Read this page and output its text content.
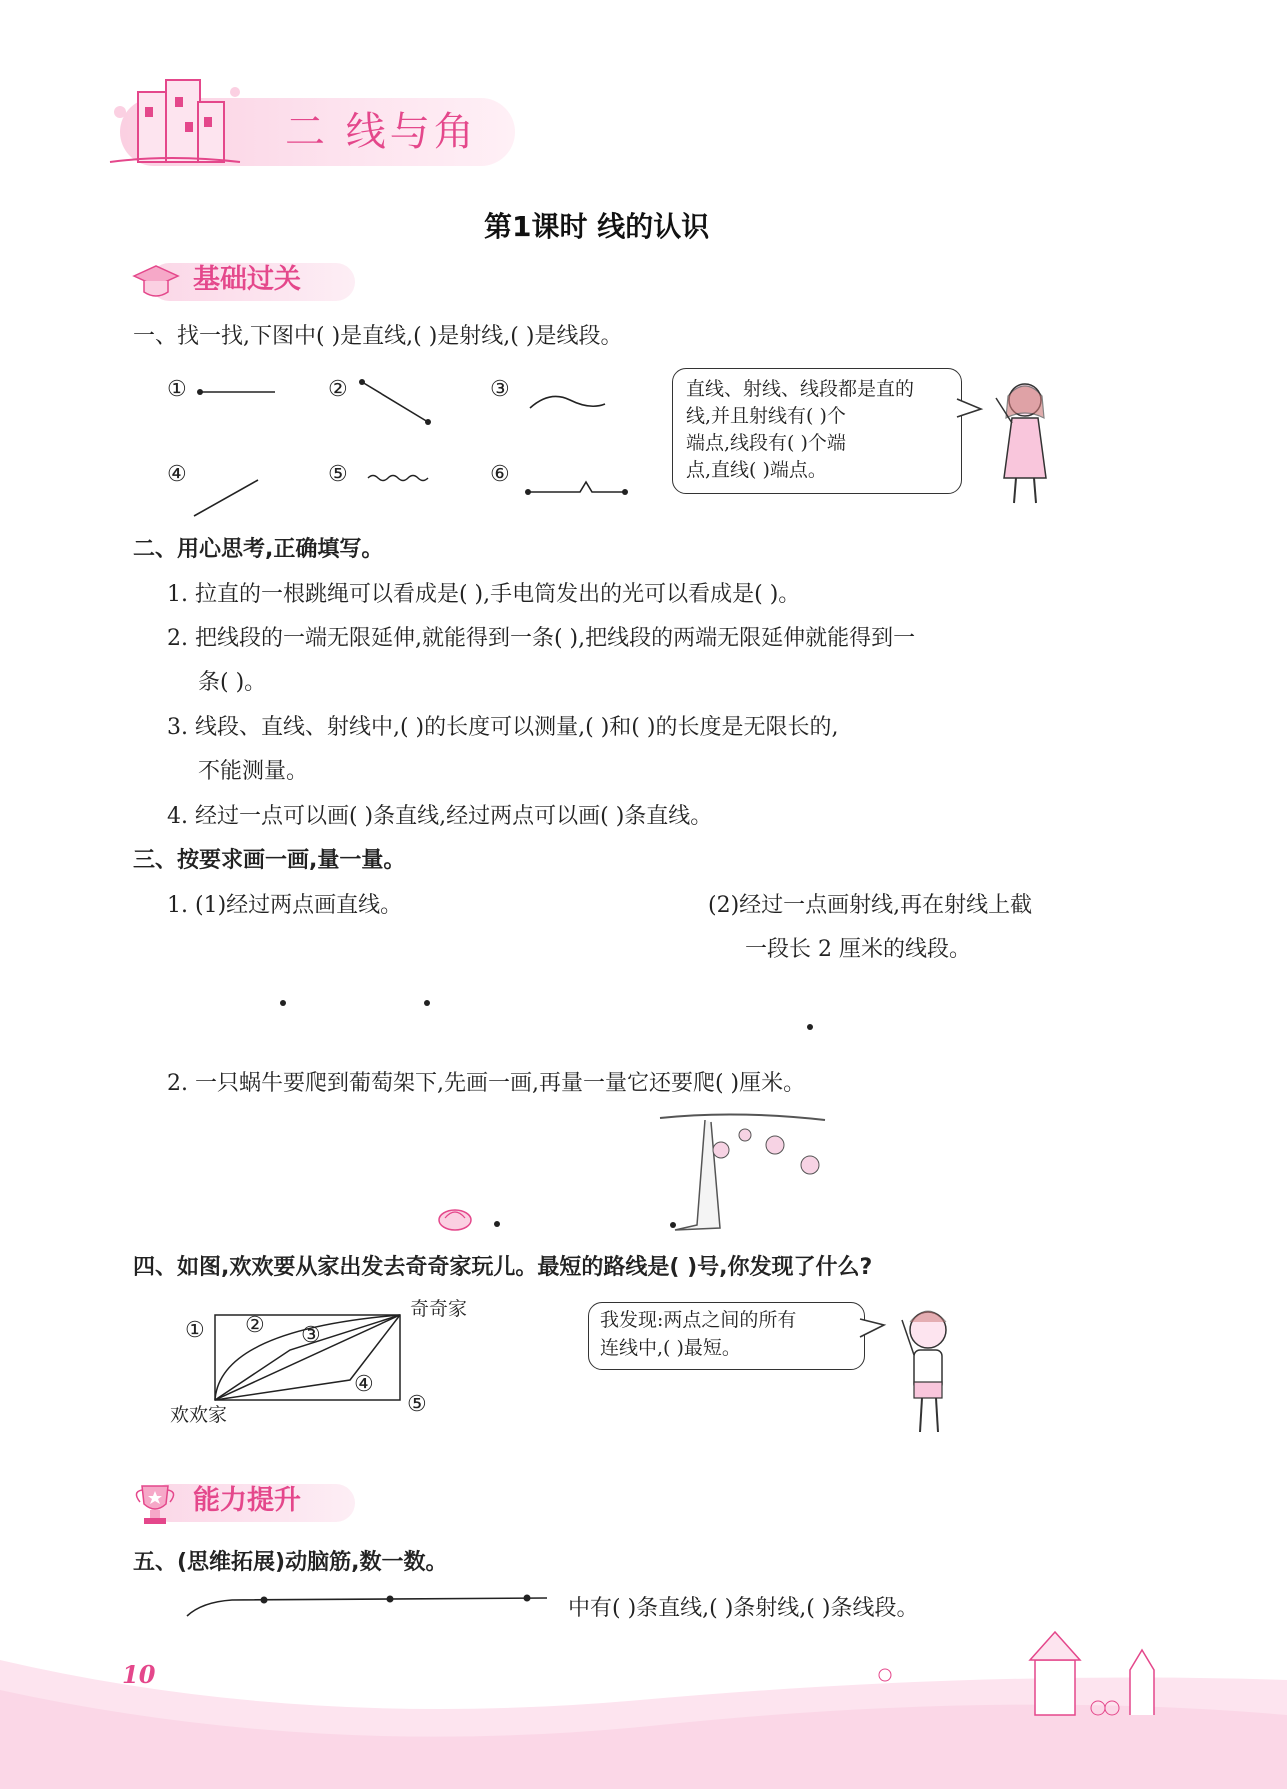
二 线与角
第1课时 线的认识
基础过关
一、找一找,下图中( )是直线,( )是射线,( )是线段。
①	②	③
④	⑤	⑥
直线、射线、线段都是直的
线,并且射线有( )个
端点,线段有( )个端
点,直线( )端点。
二、用心思考,正确填写。
1. 拉直的一根跳绳可以看成是( ),手电筒发出的光可以看成是( )。
2. 把线段的一端无限延伸,就能得到一条( ),把线段的两端无限延伸就能得到一
条( )。
3. 线段、直线、射线中,( )的长度可以测量,( )和( )的长度是无限长的,
不能测量。
4. 经过一点可以画( )条直线,经过两点可以画( )条直线。
三、按要求画一画,量一量。
1. (1)经过两点画直线。	(2)经过一点画射线,再在射线上截
一段长 2 厘米的线段。
2. 一只蜗牛要爬到葡萄架下,先画一画,再量一量它还要爬( )厘米。
四、如图,欢欢要从家出发去奇奇家玩儿。最短的路线是( )号,你发现了什么?
① ② ③
④
⑤
奇奇家
欢欢家
我发现:两点之间的所有
连线中,( )最短。
能力提升
五、(思维拓展)动脑筋,数一数。
中有( )条直线,( )条射线,( )条线段。
10
